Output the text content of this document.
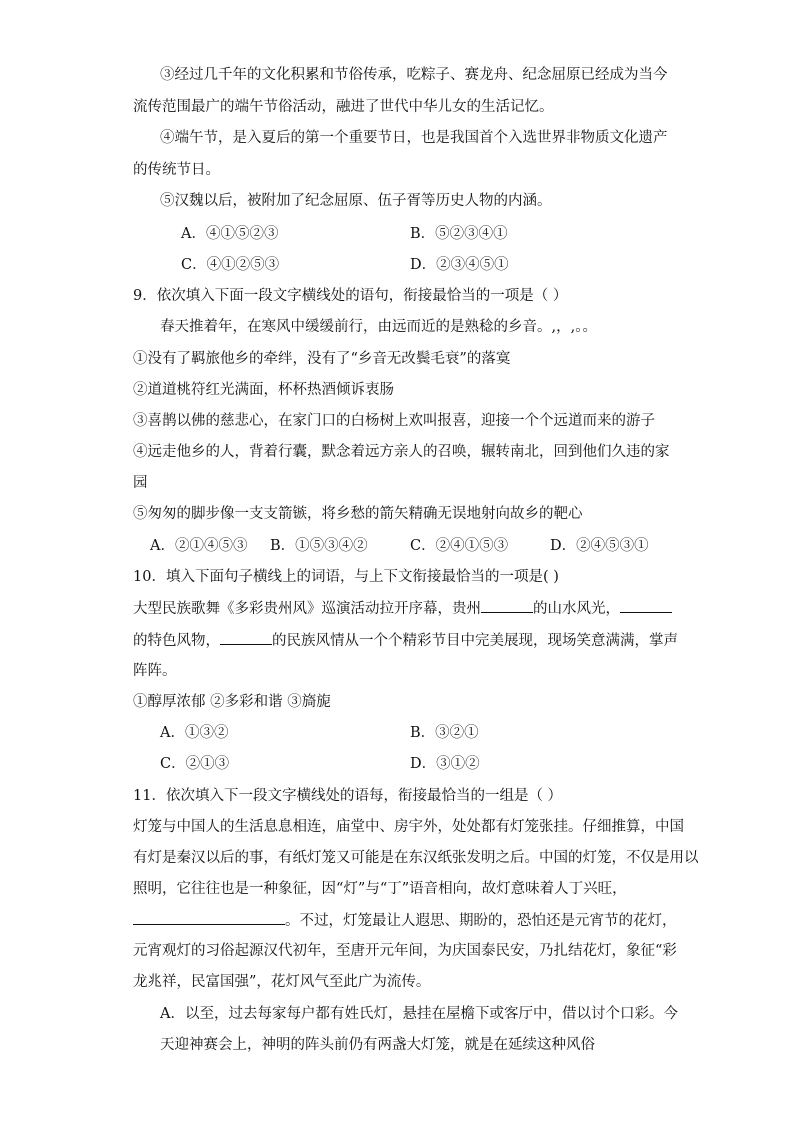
③经过几千年的文化积累和节俗传承，吃粽子、赛龙舟、纪念屈原已经成为当今
流传范围最广的端午节俗活动，融进了世代中华儿女的生活记忆。
④端午节，是入夏后的第一个重要节日，也是我国首个入选世界非物质文化遗产
的传统节日。
⑤汉魏以后，被附加了纪念屈原、伍子胥等历史人物的内涵。
A．④①⑤②③	B．⑤②③④①
C．④①②⑤③	D．②③④⑤①
9．依次填入下面一段文字横线处的语句，衔接最恰当的一项是（ ）
春天推着年，在寒风中缓缓前行，由远而近的是熟稔的乡音。,，,。。
①没有了羁旅他乡的牵绊，没有了“乡音无改鬓毛衰”的落寞
②道道桃符红光满面，杯杯热酒倾诉衷肠
③喜鹊以佛的慈悲心，在家门口的白杨树上欢叫报喜，迎接一个个远道而来的游子
④远走他乡的人，背着行囊，默念着远方亲人的召唤，辗转南北，回到他们久违的家
园
⑤匆匆的脚步像一支支箭镞，将乡愁的箭矢精确无误地射向故乡的靶心
A．②①④⑤③ B．①⑤③④②	C．②④①⑤③	D．②④⑤③①
10．填入下面句子横线上的词语，与上下文衔接最恰当的一项是( )
大型民族歌舞《多彩贵州风》巡演活动拉开序幕，贵州	的山水风光，
的特色风物，	的民族风情从一个个精彩节目中完美展现，现场笑意满满，掌声
阵阵。
①醇厚浓郁 ②多彩和谐 ③旖旎
A．①③②	B．③②①
C．②①③	D．③①②
11．依次填入下一段文字横线处的语每，衔接最恰当的一组是（ ）
灯笼与中国人的生活息息相连，庙堂中、房宇外，处处都有灯笼张挂。仔细推算，中国
有灯是秦汉以后的事，有纸灯笼又可能是在东汉纸张发明之后。中国的灯笼，不仅是用以
照明，它往往也是一种象征，因“灯”与“丁”语音相向，故灯意味着人丁兴旺，
。不过，灯笼最让人遐思、期盼的，恐怕还是元宵节的花灯，
元宵观灯的习俗起源汉代初年，至唐开元年间，为庆国泰民安，乃扎结花灯，象征“彩
龙兆祥，民富国强”，花灯风气至此广为流传。
A．以至，过去每家每户都有姓氏灯，悬挂在屋檐下或客厅中，借以讨个口彩。今
天迎神赛会上，神明的阵头前仍有两盏大灯笼，就是在延续这种风俗
